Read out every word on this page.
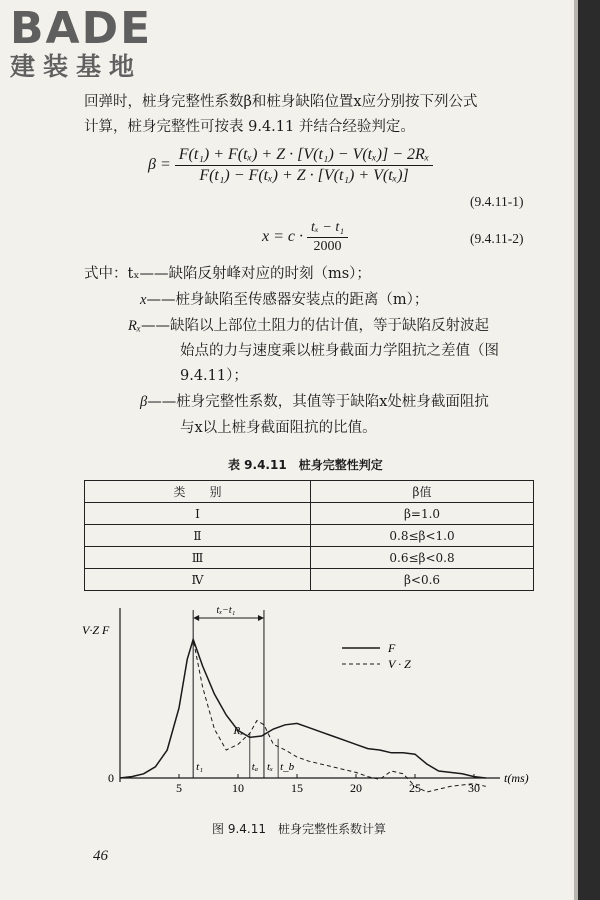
BADE
建装基地
回弹时，桩身完整性系数β和桩身缺陷位置x应分别按下列公式
计算，桩身完整性可按表 9.4.11 并结合经验判定。
$\beta = \frac{\text{F(t₁) + F(tₓ) + Z · [V(t₁) − V(tₓ)] − 2Rₓ}}{\text{F(t₁) − F(tₓ) + Z · [V(t₁) + V(tₓ)]}}$
(9.4.11-1)
$x = c \cdot \frac{\text{tₓ − t₁}}{2000}$	(9.4.11-2)
式中：tₓ——缺陷反射峰对应的时刻（ms）；
x——桩身缺陷至传感器安装点的距离（m）；
Rₓ——缺陷以上部位土阻力的估计值，等于缺陷反射波起
始点的力与速度乘以桩身截面力学阻抗之差值（图
9.4.11）；
β——桩身完整性系数，其值等于缺陷x处桩身截面阻抗
与x以上桩身截面阻抗的比值。
表 9.4.11　桩身完整性判定
类　　别	β值
Ⅰ	β=1.0
Ⅱ	0.8≤β<1.0
Ⅲ	0.6≤β<0.8
Ⅳ	β<0.6
V·Z F
t(ms)
0
5	10	15	20	25	30
tₓ−t₁
t₁	tₐ tₓ t_b
Rₓ
F
V · Z
图 9.4.11　桩身完整性系数计算
46
